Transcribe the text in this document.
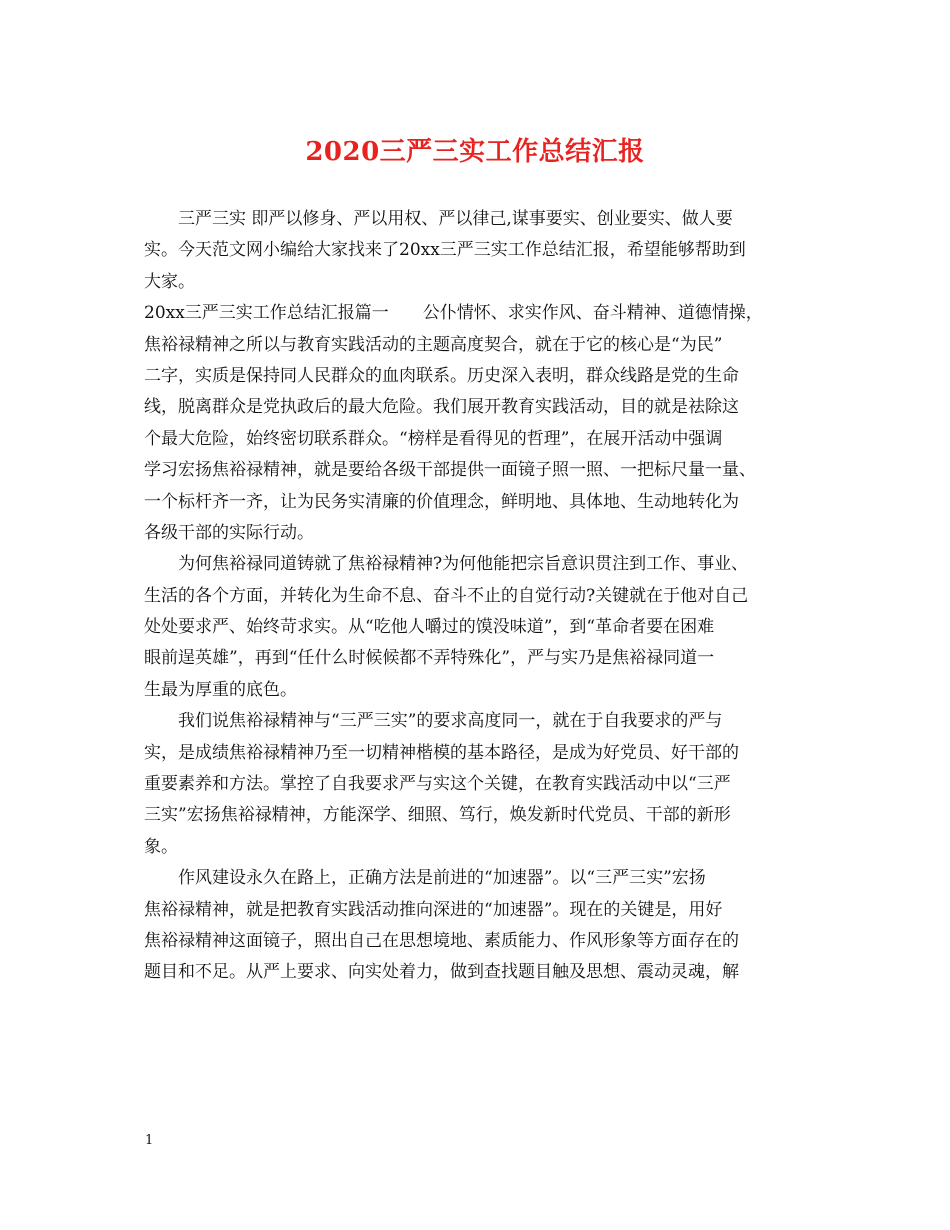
2020三严三实工作总结汇报
三严三实 即严以修身、严以用权、严以律己,谋事要实、创业要实、做人要
实。今天范文网小编给大家找来了20xx三严三实工作总结汇报，希望能够帮助到
大家。
20xx三严三实工作总结汇报篇一　　公仆情怀、求实作风、奋斗精神、道德情操，
焦裕禄精神之所以与教育实践活动的主题高度契合，就在于它的核心是“为民”
二字，实质是保持同人民群众的血肉联系。历史深入表明，群众线路是党的生命
线，脱离群众是党执政后的最大危险。我们展开教育实践活动，目的就是祛除这
个最大危险，始终密切联系群众。“榜样是看得见的哲理”，在展开活动中强调
学习宏扬焦裕禄精神，就是要给各级干部提供一面镜子照一照、一把标尺量一量、
一个标杆齐一齐，让为民务实清廉的价值理念，鲜明地、具体地、生动地转化为
各级干部的实际行动。
为何焦裕禄同道铸就了焦裕禄精神?为何他能把宗旨意识贯注到工作、事业、
生活的各个方面，并转化为生命不息、奋斗不止的自觉行动?关键就在于他对自己
处处要求严、始终苛求实。从“吃他人嚼过的馍没味道”，到“革命者要在困难
眼前逞英雄”，再到“任什么时候候都不弄特殊化”，严与实乃是焦裕禄同道一
生最为厚重的底色。
我们说焦裕禄精神与“三严三实”的要求高度同一，就在于自我要求的严与
实，是成绩焦裕禄精神乃至一切精神楷模的基本路径，是成为好党员、好干部的
重要素养和方法。掌控了自我要求严与实这个关键，在教育实践活动中以“三严
三实”宏扬焦裕禄精神，方能深学、细照、笃行，焕发新时代党员、干部的新形
象。
作风建设永久在路上，正确方法是前进的“加速器”。以“三严三实”宏扬
焦裕禄精神，就是把教育实践活动推向深进的“加速器”。现在的关键是，用好
焦裕禄精神这面镜子，照出自己在思想境地、素质能力、作风形象等方面存在的
题目和不足。从严上要求、向实处着力，做到查找题目触及思想、震动灵魂，解
1
